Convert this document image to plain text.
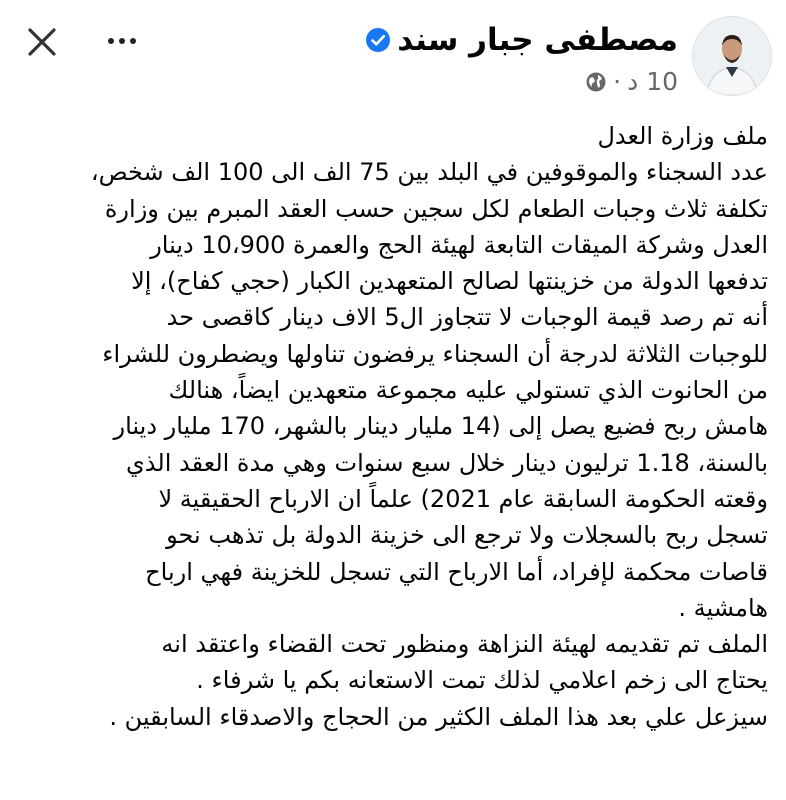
مصطفى جبار سند
10 د
·

ملف وزارة العدل

عدد السجناء والموقوفين في البلد بين 75 الف الى 100 الف شخص،

تكلفة ثلاث وجبات الطعام لكل سجين حسب العقد المبرم بين وزارة

العدل وشركة الميقات التابعة لهيئة الحج والعمرة 10،900 دينار

تدفعها الدولة من خزينتها لصالح المتعهدين الكبار (حجي كفاح)، إلا

أنه تم رصد قيمة الوجبات لا تتجاوز ال5 الاف دينار كاقصى حد

للوجبات الثلاثة لدرجة أن السجناء يرفضون تناولها ويضطرون للشراء

من الحانوت الذي تستولي عليه مجموعة متعهدين ايضاً، هنالك

هامش ربح فضيع يصل إلى (14 مليار دينار بالشهر، 170 مليار دينار

بالسنة، 1.18 ترليون دينار خلال سبع سنوات وهي مدة العقد الذي

وقعته الحكومة السابقة عام 2021) علماً ان الارباح الحقيقية لا

تسجل ربح بالسجلات ولا ترجع الى خزينة الدولة بل تذهب نحو

قاصات محكمة لإفراد، أما الارباح التي تسجل للخزينة فهي ارباح

هامشية .

الملف تم تقديمه لهيئة النزاهة ومنظور تحت القضاء واعتقد انه

يحتاج الى زخم اعلامي لذلك تمت الاستعانه بكم يا شرفاء .

سيزعل علي بعد هذا الملف الكثير من الحجاج والاصدقاء السابقين .
